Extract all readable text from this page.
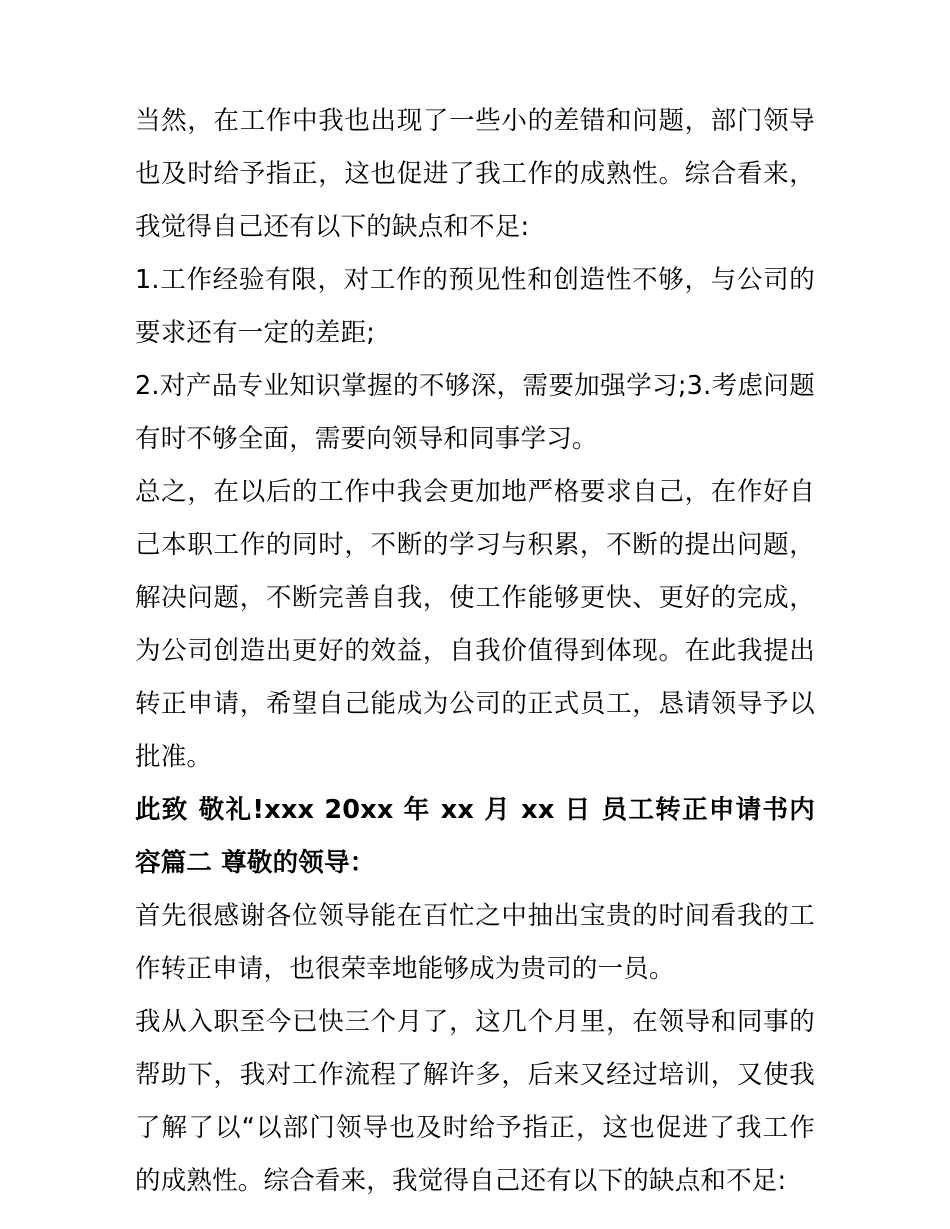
当然，在工作中我也出现了一些小的差错和问题，部门领导也及时给予指正，这也促进了我工作的成熟性。综合看来，我觉得自己还有以下的缺点和不足:

1.工作经验有限，对工作的预见性和创造性不够，与公司的要求还有一定的差距;

2.对产品专业知识掌握的不够深，需要加强学习;3.考虑问题有时不够全面，需要向领导和同事学习。

总之，在以后的工作中我会更加地严格要求自己，在作好自己本职工作的同时，不断的学习与积累，不断的提出问题，解决问题，不断完善自我，使工作能够更快、更好的完成，为公司创造出更好的效益，自我价值得到体现。在此我提出转正申请，希望自己能成为公司的正式员工，恳请领导予以批准。

此致 敬礼!xxx 20xx 年 xx 月 xx 日 员工转正申请书内容篇二 尊敬的领导：

首先很感谢各位领导能在百忙之中抽出宝贵的时间看我的工作转正申请，也很荣幸地能够成为贵司的一员。

我从入职至今已快三个月了，这几个月里，在领导和同事的帮助下，我对工作流程了解许多，后来又经过培训，又使我了解了以“以部门领导也及时给予指正，这也促进了我工作的成熟性。综合看来，我觉得自己还有以下的缺点和不足:
